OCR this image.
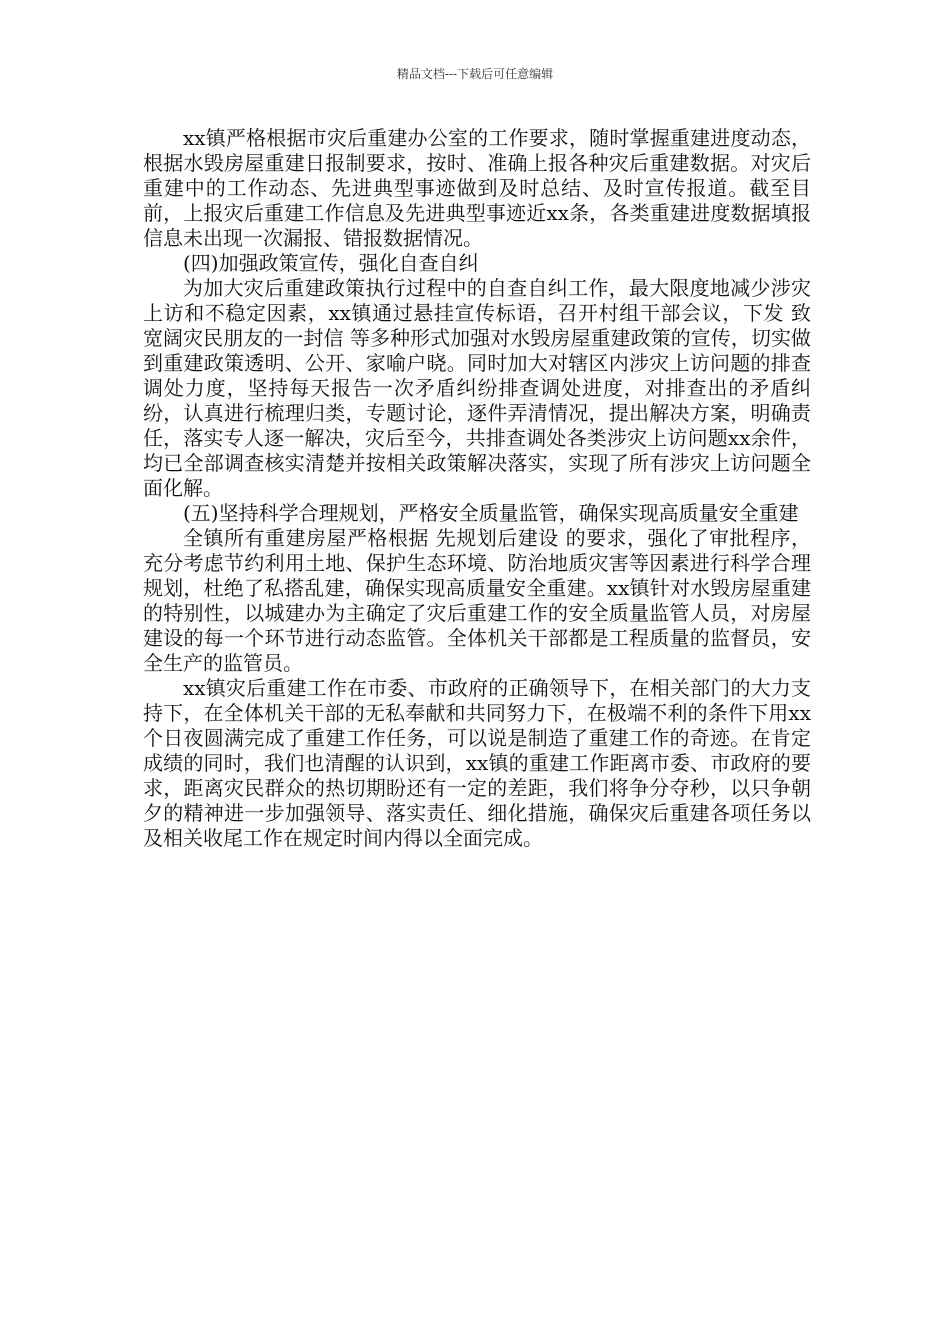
精品文档---下载后可任意编辑

xx镇严格根据市灾后重建办公室的工作要求，随时掌握重建进度动态，根据水毁房屋重建日报制要求，按时、准确上报各种灾后重建数据。对灾后重建中的工作动态、先进典型事迹做到及时总结、及时宣传报道。截至目前，上报灾后重建工作信息及先进典型事迹近xx条，各类重建进度数据填报信息未出现一次漏报、错报数据情况。

(四)加强政策宣传，强化自查自纠

为加大灾后重建政策执行过程中的自查自纠工作，最大限度地减少涉灾上访和不稳定因素，xx镇通过悬挂宣传标语，召开村组干部会议，下发 致宽阔灾民朋友的一封信 等多种形式加强对水毁房屋重建政策的宣传，切实做到重建政策透明、公开、家喻户晓。同时加大对辖区内涉灾上访问题的排查调处力度，坚持每天报告一次矛盾纠纷排查调处进度，对排查出的矛盾纠纷，认真进行梳理归类，专题讨论，逐件弄清情况，提出解决方案，明确责任，落实专人逐一解决，灾后至今，共排查调处各类涉灾上访问题xx余件，均已全部调查核实清楚并按相关政策解决落实，实现了所有涉灾上访问题全面化解。

(五)坚持科学合理规划，严格安全质量监管，确保实现高质量安全重建

全镇所有重建房屋严格根据 先规划后建设 的要求，强化了审批程序，充分考虑节约利用土地、保护生态环境、防治地质灾害等因素进行科学合理规划，杜绝了私搭乱建，确保实现高质量安全重建。xx镇针对水毁房屋重建的特别性，以城建办为主确定了灾后重建工作的安全质量监管人员，对房屋建设的每一个环节进行动态监管。全体机关干部都是工程质量的监督员，安全生产的监管员。

xx镇灾后重建工作在市委、市政府的正确领导下，在相关部门的大力支持下，在全体机关干部的无私奉献和共同努力下，在极端不利的条件下用xx个日夜圆满完成了重建工作任务，可以说是制造了重建工作的奇迹。在肯定成绩的同时，我们也清醒的认识到，xx镇的重建工作距离市委、市政府的要求，距离灾民群众的热切期盼还有一定的差距，我们将争分夺秒，以只争朝夕的精神进一步加强领导、落实责任、细化措施，确保灾后重建各项任务以及相关收尾工作在规定时间内得以全面完成。
